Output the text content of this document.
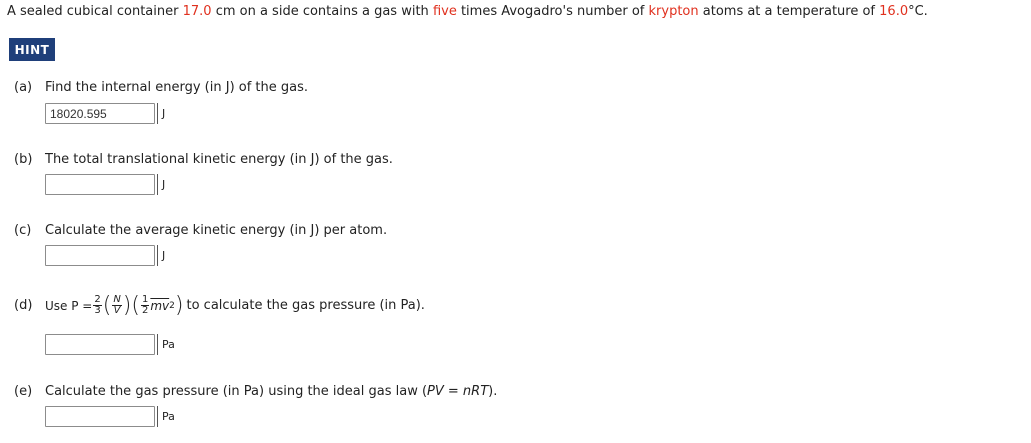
A sealed cubical container 17.0 cm on a side contains a gas with five times Avogadro's number of krypton atoms at a temperature of 16.0°C.
HINT
(a) Find the internal energy (in J) of the gas.
18020.595	J
(b) The total translational kinetic energy (in J) of the gas.
J
(c) Calculate the average kinetic energy (in J) per atom.
J
(d)	Use $P = \frac{2}{3}$ ( $\frac{N}{V}$ ) ( $\frac{1}{2} \overline{mv}$ 2 ) to calculate the gas pressure (in Pa).
Pa
(e) Calculate the gas pressure (in Pa) using the ideal gas law (PV = nRT).
Pa
